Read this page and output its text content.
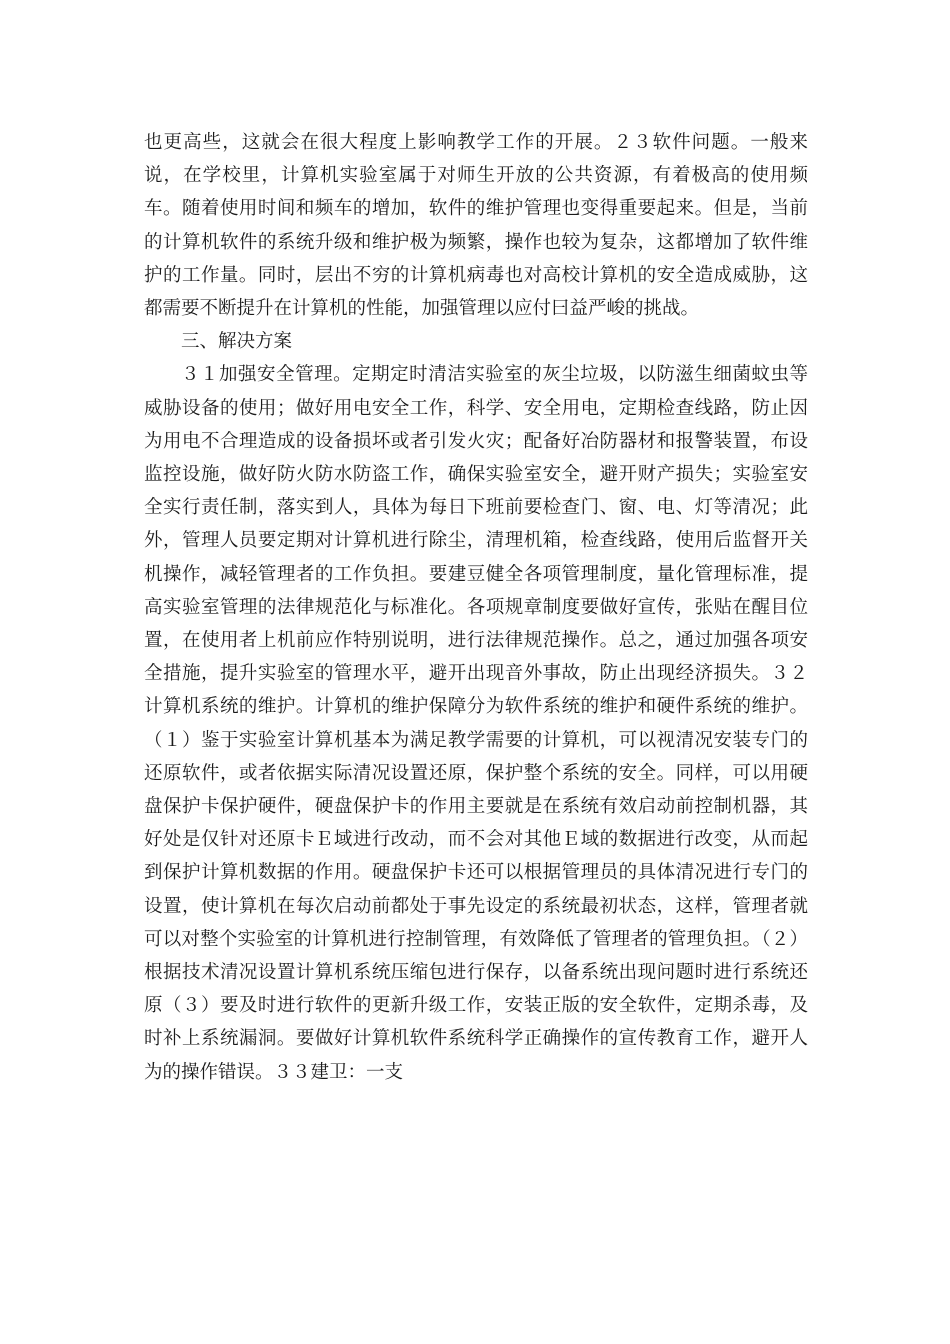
也更高些，这就会在很大程度上影响教学工作的开展。２３软件问题。一般来说，在学校里，计算机实验室属于对师生开放的公共资源，有着极高的使用频车。随着使用时间和频车的增加，软件的维护管理也变得重要起来。但是，当前的计算机软件的系统升级和维护极为频繁，操作也较为复杂，这都增加了软件维护的工作量。同时，层出不穷的计算机病毒也对高校计算机的安全造成威胁，这都需要不断提升在计算机的性能，加强管理以应付曰益严峻的挑战。

三、解决方案

３１加强安全管理。定期定时清洁实验室的灰尘垃圾，以防滋生细菌蚊虫等威胁设备的使用；做好用电安全工作，科学、安全用电，定期检查线路，防止因为用电不合理造成的设备损坏或者引发火灾；配备好冶防器材和报警装置，布设监控设施，做好防火防水防盗工作，确保实验室安全，避开财产损失；实验室安全实行责任制，落实到人，具体为每日下班前要检查门、窗、电、灯等清况；此外，管理人员要定期对计算机进行除尘，清理机箱，检查线路，使用后监督开关机操作，减轻管理者的工作负担。要建豆健全各项管理制度，量化管理标准，提高实验室管理的法律规范化与标准化。各项规章制度要做好宣传，张贴在醒目位置，在使用者上机前应作特别说明，进行法律规范操作。总之，通过加强各项安全措施，提升实验室的管理水平，避开出现音外事故，防止出现经济损失。３２计算机系统的维护。计算机的维护保障分为软件系统的维护和硬件系统的维护。（１）鉴于实验室计算机基本为满足教学需要的计算机，可以视清况安装专门的还原软件，或者依据实际清况设置还原，保护整个系统的安全。同样，可以用硬盘保护卡保护硬件，硬盘保护卡的作用主要就是在系统有效启动前控制机器，其好处是仅针对还原卡Ｅ域进行改动，而不会对其他Ｅ域的数据进行改变，从而起到保护计算机数据的作用。硬盘保护卡还可以根据管理员的具体清况进行专门的设置，使计算机在每次启动前都处于事先设定的系统最初状态，这样，管理者就可以对整个实验室的计算机进行控制管理，有效降低了管理者的管理负担。（２）根据技术清况设置计算机系统压缩包进行保存，以备系统出现问题时进行系统还原（３）要及时进行软件的更新升级工作，安装正版的安全软件，定期杀毒，及时补上系统漏洞。要做好计算机软件系统科学正确操作的宣传教育工作，避开人为的操作错误。３３建卫：一支
